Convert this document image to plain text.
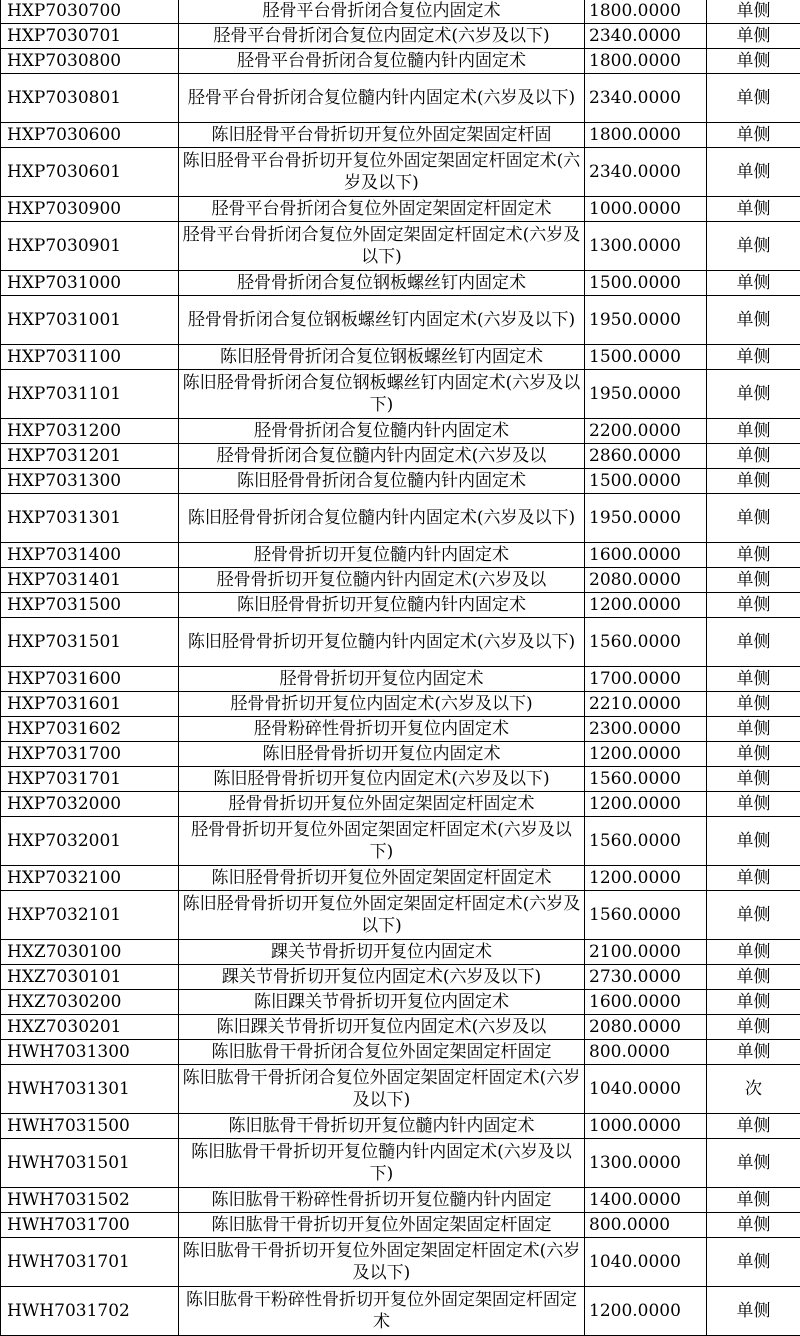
HXP7030700	胫骨平台骨折闭合复位内固定术	1800.0000	单侧
HXP7030701	胫骨平台骨折闭合复位内固定术(六岁及以下)	2340.0000	单侧
HXP7030800	胫骨平台骨折闭合复位髓内针内固定术	1800.0000	单侧
HXP7030801	胫骨平台骨折闭合复位髓内针内固定术(六岁及以下)	2340.0000	单侧
HXP7030600	陈旧胫骨平台骨折切开复位外固定架固定杆固	1800.0000	单侧
HXP7030601	陈旧胫骨平台骨折切开复位外固定架固定杆固定术(六岁及以下)	2340.0000	单侧
HXP7030900	胫骨平台骨折闭合复位外固定架固定杆固定术	1000.0000	单侧
HXP7030901	胫骨平台骨折闭合复位外固定架固定杆固定术(六岁及以下)	1300.0000	单侧
HXP7031000	胫骨骨折闭合复位钢板螺丝钉内固定术	1500.0000	单侧
HXP7031001	胫骨骨折闭合复位钢板螺丝钉内固定术(六岁及以下)	1950.0000	单侧
HXP7031100	陈旧胫骨骨折闭合复位钢板螺丝钉内固定术	1500.0000	单侧
HXP7031101	陈旧胫骨骨折闭合复位钢板螺丝钉内固定术(六岁及以下)	1950.0000	单侧
HXP7031200	胫骨骨折闭合复位髓内针内固定术	2200.0000	单侧
HXP7031201	胫骨骨折闭合复位髓内针内固定术(六岁及以	2860.0000	单侧
HXP7031300	陈旧胫骨骨折闭合复位髓内针内固定术	1500.0000	单侧
HXP7031301	陈旧胫骨骨折闭合复位髓内针内固定术(六岁及以下)	1950.0000	单侧
HXP7031400	胫骨骨折切开复位髓内针内固定术	1600.0000	单侧
HXP7031401	胫骨骨折切开复位髓内针内固定术(六岁及以	2080.0000	单侧
HXP7031500	陈旧胫骨骨折切开复位髓内针内固定术	1200.0000	单侧
HXP7031501	陈旧胫骨骨折切开复位髓内针内固定术(六岁及以下)	1560.0000	单侧
HXP7031600	胫骨骨折切开复位内固定术	1700.0000	单侧
HXP7031601	胫骨骨折切开复位内固定术(六岁及以下)	2210.0000	单侧
HXP7031602	胫骨粉碎性骨折切开复位内固定术	2300.0000	单侧
HXP7031700	陈旧胫骨骨折切开复位内固定术	1200.0000	单侧
HXP7031701	陈旧胫骨骨折切开复位内固定术(六岁及以下)	1560.0000	单侧
HXP7032000	胫骨骨折切开复位外固定架固定杆固定术	1200.0000	单侧
HXP7032001	胫骨骨折切开复位外固定架固定杆固定术(六岁及以下)	1560.0000	单侧
HXP7032100	陈旧胫骨骨折切开复位外固定架固定杆固定术	1200.0000	单侧
HXP7032101	陈旧胫骨骨折切开复位外固定架固定杆固定术(六岁及以下)	1560.0000	单侧
HXZ7030100	踝关节骨折切开复位内固定术	2100.0000	单侧
HXZ7030101	踝关节骨折切开复位内固定术(六岁及以下)	2730.0000	单侧
HXZ7030200	陈旧踝关节骨折切开复位内固定术	1600.0000	单侧
HXZ7030201	陈旧踝关节骨折切开复位内固定术(六岁及以	2080.0000	单侧
HWH7031300	陈旧肱骨干骨折闭合复位外固定架固定杆固定	800.0000	单侧
HWH7031301	陈旧肱骨干骨折闭合复位外固定架固定杆固定术(六岁及以下)	1040.0000	次
HWH7031500	陈旧肱骨干骨折切开复位髓内针内固定术	1000.0000	单侧
HWH7031501	陈旧肱骨干骨折切开复位髓内针内固定术(六岁及以下)	1300.0000	单侧
HWH7031502	陈旧肱骨干粉碎性骨折切开复位髓内针内固定	1400.0000	单侧
HWH7031700	陈旧肱骨干骨折切开复位外固定架固定杆固定	800.0000	单侧
HWH7031701	陈旧肱骨干骨折切开复位外固定架固定杆固定术(六岁及以下)	1040.0000	单侧
HWH7031702	陈旧肱骨干粉碎性骨折切开复位外固定架固定杆固定术	1200.0000	单侧
